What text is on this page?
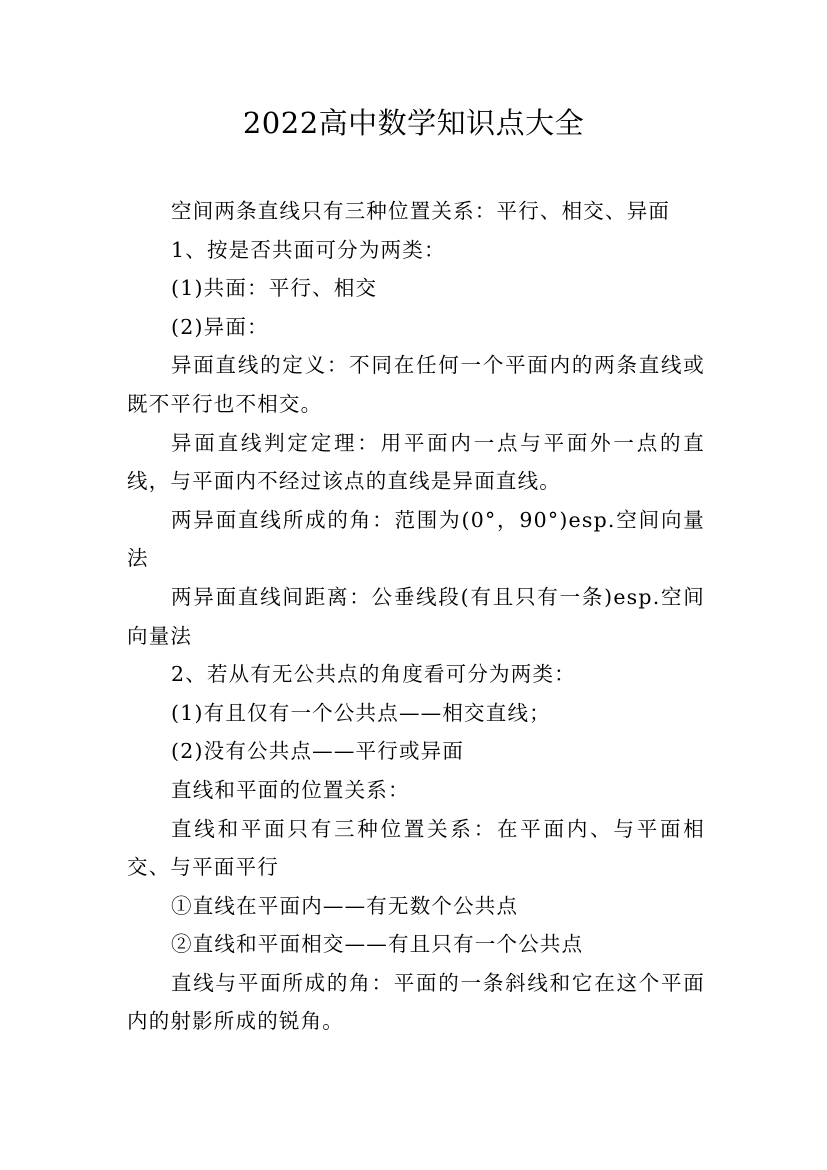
2022高中数学知识点大全

空间两条直线只有三种位置关系：平行、相交、异面

1、按是否共面可分为两类：

(1)共面：平行、相交

(2)异面：

异面直线的定义：不同在任何一个平面内的两条直线或既不平行也不相交。

异面直线判定定理：用平面内一点与平面外一点的直线，与平面内不经过该点的直线是异面直线。

两异面直线所成的角：范围为(0°，90°)esp.空间向量法

两异面直线间距离：公垂线段(有且只有一条)esp.空间向量法

2、若从有无公共点的角度看可分为两类：

(1)有且仅有一个公共点——相交直线；

(2)没有公共点——平行或异面

直线和平面的位置关系：

直线和平面只有三种位置关系：在平面内、与平面相交、与平面平行

①直线在平面内——有无数个公共点

②直线和平面相交——有且只有一个公共点

直线与平面所成的角：平面的一条斜线和它在这个平面内的射影所成的锐角。
